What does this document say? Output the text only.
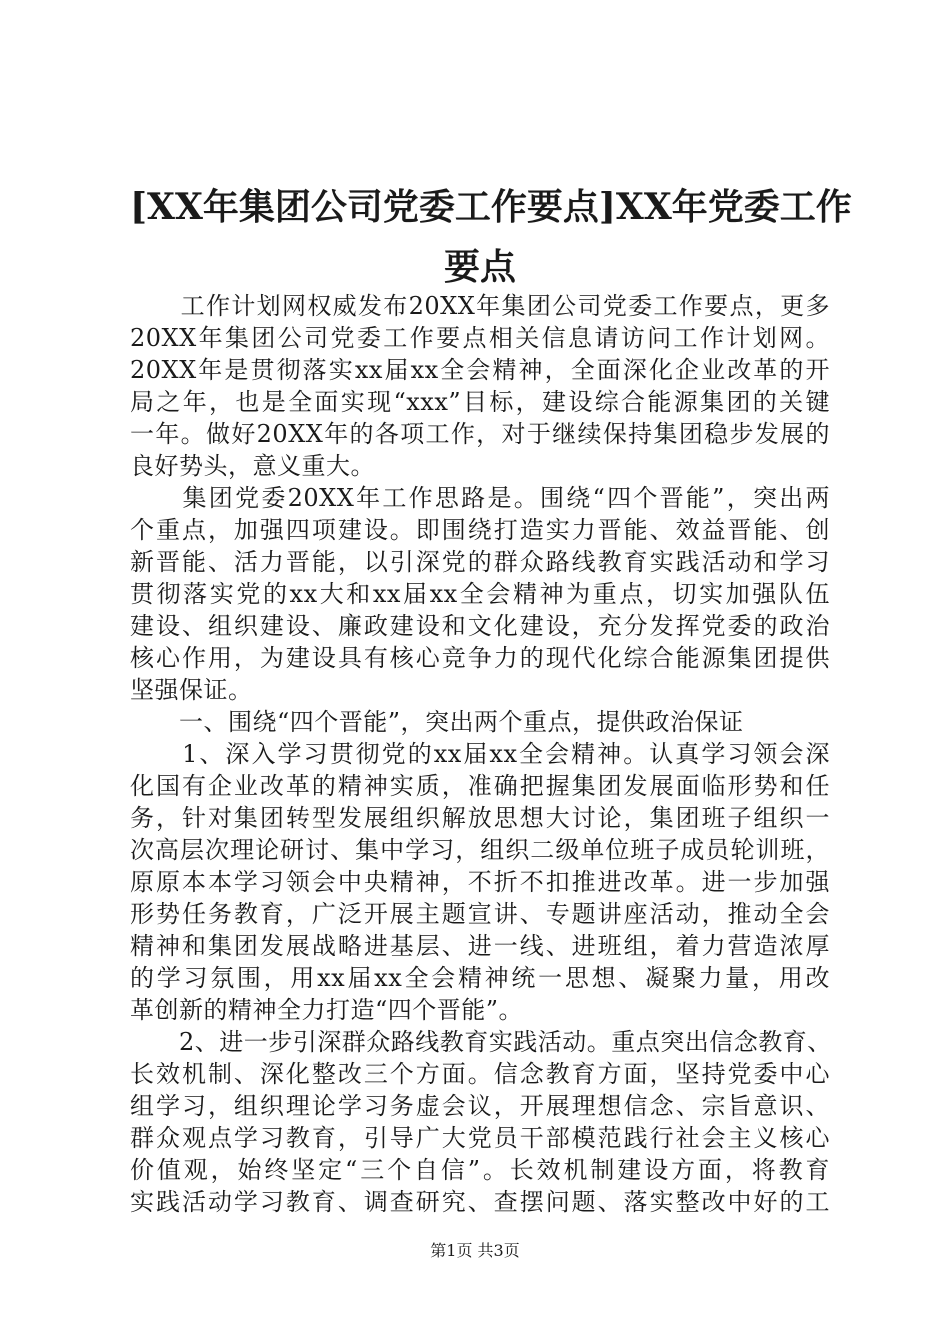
[XX年集团公司党委工作要点]XX年党委工作
要点

　　工作计划网权威发布20XX年集团公司党委工作要点，更多

20XX年集团公司党委工作要点相关信息请访问工作计划网。

20XX年是贯彻落实xx届xx全会精神，全面深化企业改革的开

局之年，也是全面实现“xxx”目标，建设综合能源集团的关键

一年。做好20XX年的各项工作，对于继续保持集团稳步发展的

良好势头，意义重大。

　　集团党委20XX年工作思路是。围绕“四个晋能”，突出两

个重点，加强四项建设。即围绕打造实力晋能、效益晋能、创

新晋能、活力晋能，以引深党的群众路线教育实践活动和学习

贯彻落实党的xx大和xx届xx全会精神为重点，切实加强队伍

建设、组织建设、廉政建设和文化建设，充分发挥党委的政治

核心作用，为建设具有核心竞争力的现代化综合能源集团提供

坚强保证。

　　一、围绕“四个晋能”，突出两个重点，提供政治保证

　　1、深入学习贯彻党的xx届xx全会精神。认真学习领会深

化国有企业改革的精神实质，准确把握集团发展面临形势和任

务，针对集团转型发展组织解放思想大讨论，集团班子组织一

次高层次理论研讨、集中学习，组织二级单位班子成员轮训班，

原原本本学习领会中央精神，不折不扣推进改革。进一步加强

形势任务教育，广泛开展主题宣讲、专题讲座活动，推动全会

精神和集团发展战略进基层、进一线、进班组，着力营造浓厚

的学习氛围，用xx届xx全会精神统一思想、凝聚力量，用改

革创新的精神全力打造“四个晋能”。

　　2、进一步引深群众路线教育实践活动。重点突出信念教育、

长效机制、深化整改三个方面。信念教育方面，坚持党委中心

组学习，组织理论学习务虚会议，开展理想信念、宗旨意识、

群众观点学习教育，引导广大党员干部模范践行社会主义核心

价值观，始终坚定“三个自信”。长效机制建设方面，将教育

实践活动学习教育、调查研究、查摆问题、落实整改中好的工

第1页 共3页
